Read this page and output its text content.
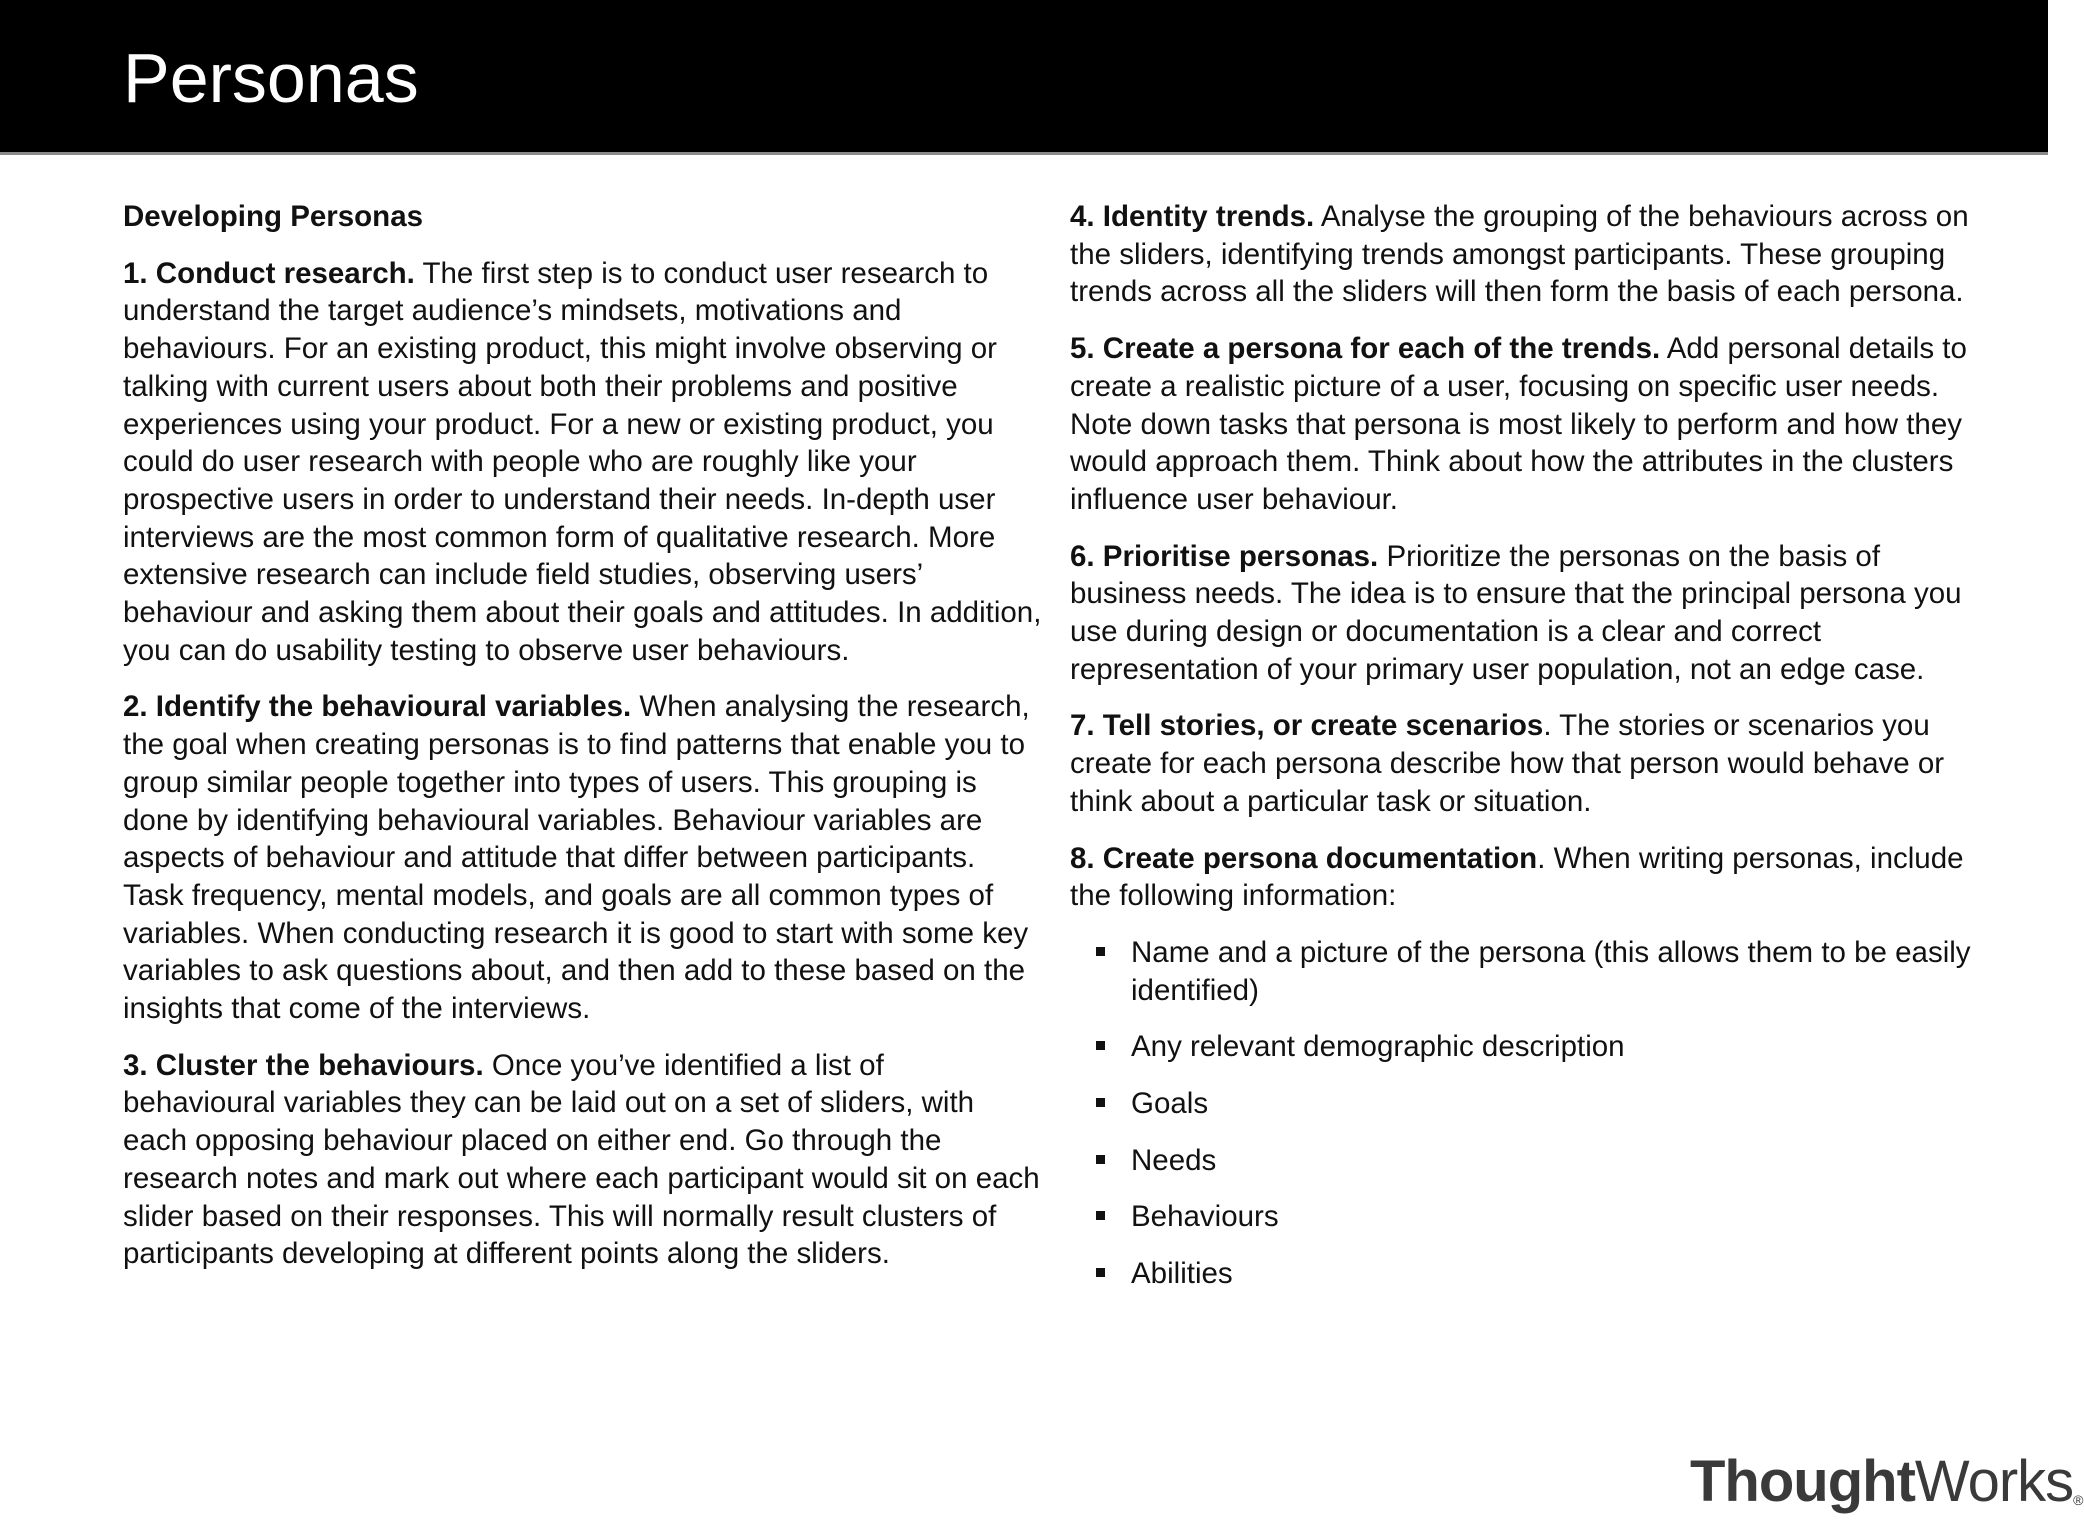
Personas
Developing Personas

1. Conduct research. The first step is to conduct user research to understand the target audience’s mindsets, motivations and behaviours. For an existing product, this might involve observing or talking with current users about both their problems and positive experiences using your product. For a new or existing product, you could do user research with people who are roughly like your prospective users in order to understand their needs. In-depth user interviews are the most common form of qualitative research. More extensive research can include field studies, observing users’ behaviour and asking them about their goals and attitudes. In addition, you can do usability testing to observe user behaviours.

2. Identify the behavioural variables. When analysing the research, the goal when creating personas is to find patterns that enable you to group similar people together into types of users. This grouping is done by identifying behavioural variables. Behaviour variables are aspects of behaviour and attitude that differ between participants. Task frequency, mental models, and goals are all common types of variables. When conducting research it is good to start with some key variables to ask questions about, and then add to these based on the insights that come of the interviews.

3. Cluster the behaviours. Once you’ve identified a list of behavioural variables they can be laid out on a set of sliders, with each opposing behaviour placed on either end. Go through the research notes and mark out where each participant would sit on each slider based on their responses. This will normally result clusters of participants developing at different points along the sliders.

4. Identity trends. Analyse the grouping of the behaviours across on the sliders, identifying trends amongst participants. These grouping trends across all the sliders will then form the basis of each persona.

5. Create a persona for each of the trends. Add personal details to create a realistic picture of a user, focusing on specific user needs. Note down tasks that persona is most likely to perform and how they would approach them. Think about how the attributes in the clusters influence user behaviour.

6. Prioritise personas. Prioritize the personas on the basis of business needs. The idea is to ensure that the principal persona you use during design or documentation is a clear and correct representation of your primary user population, not an edge case.

7. Tell stories, or create scenarios. The stories or scenarios you create for each persona describe how that person would behave or think about a particular task or situation.

8. Create persona documentation. When writing personas, include the following information:

Name and a picture of the persona (this allows them to be easily identified)
Any relevant demographic description
Goals
Needs
Behaviours
Abilities
ThoughtWorks®
